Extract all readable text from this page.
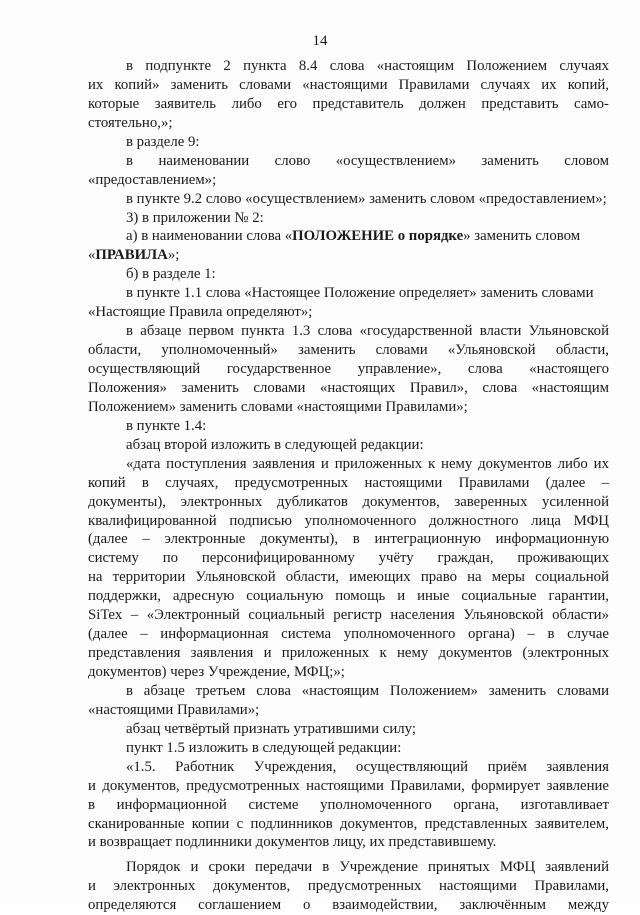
14
в подпункте 2 пункта 8.4 слова «настоящим Положением случаях
их копий» заменить словами «настоящими Правилами случаях их копий,
которые заявитель либо его представитель должен представить само-
стоятельно,»;
в разделе 9:
в наименовании слово «осуществлением» заменить словом
«предоставлением»;
в пункте 9.2 слово «осуществлением» заменить словом «предоставлением»;
3) в приложении № 2:
а) в наименовании слова «ПОЛОЖЕНИЕ о порядке» заменить словом
«ПРАВИЛА»;
б) в разделе 1:
в пункте 1.1 слова «Настоящее Положение определяет» заменить словами
«Настоящие Правила определяют»;
в абзаце первом пункта 1.3 слова «государственной власти Ульяновской
области, уполномоченный» заменить словами «Ульяновской области,
осуществляющий государственное управление», слова «настоящего
Положения» заменить словами «настоящих Правил», слова «настоящим
Положением» заменить словами «настоящими Правилами»;
в пункте 1.4:
абзац второй изложить в следующей редакции:
«дата поступления заявления и приложенных к нему документов либо их
копий в случаях, предусмотренных настоящими Правилами (далее –
документы), электронных дубликатов документов, заверенных усиленной
квалифицированной подписью уполномоченного должностного лица МФЦ
(далее – электронные документы), в интеграционную информационную
систему по персонифицированному учёту граждан, проживающих
на территории Ульяновской области, имеющих право на меры социальной
поддержки, адресную социальную помощь и иные социальные гарантии,
SiTex – «Электронный социальный регистр населения Ульяновской области»
(далее – информационная система уполномоченного органа) – в случае
представления заявления и приложенных к нему документов (электронных
документов) через Учреждение, МФЦ;»;
в абзаце третьем слова «настоящим Положением» заменить словами
«настоящими Правилами»;
абзац четвёртый признать утратившими силу;
пункт 1.5 изложить в следующей редакции:
«1.5. Работник Учреждения, осуществляющий приём заявления
и документов, предусмотренных настоящими Правилами, формирует заявление
в информационной системе уполномоченного органа, изготавливает
сканированные копии с подлинников документов, представленных заявителем,
и возвращает подлинники документов лицу, их представившему.
Порядок и сроки передачи в Учреждение принятых МФЦ заявлений
и электронных документов, предусмотренных настоящими Правилами,
определяются соглашением о взаимодействии, заключённым между
